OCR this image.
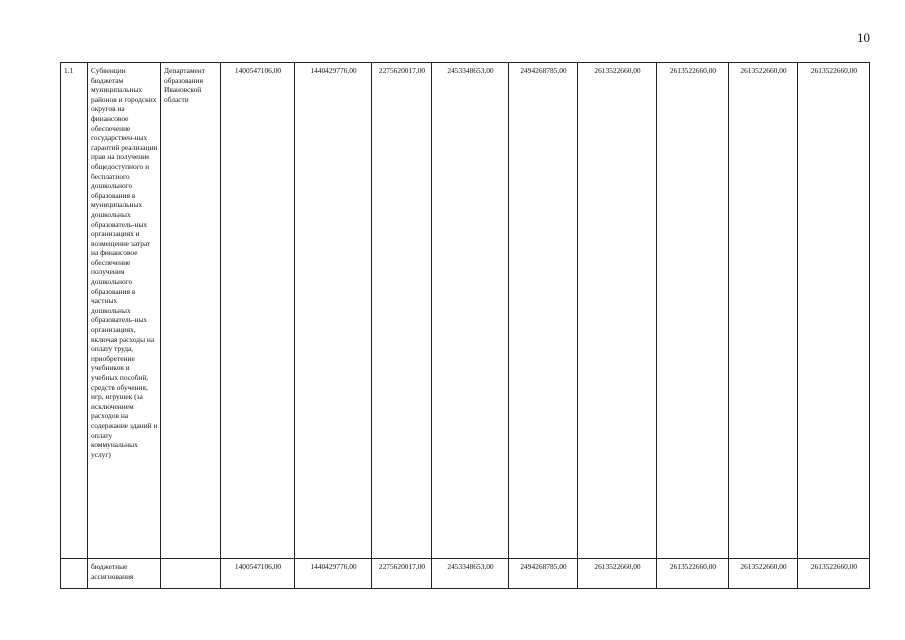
10
1.1	Субвенции бюджетам муниципальных районов и городских округов на финансовое обеспечение государствен-ных гарантий реализации прав на получение общедоступного и бесплатного дошкольного образования в муниципальных дошкольных образователь-ных организациях и возмещение затрат на финансовое обеспечение получения дошкольного образования в частных дошкольных образователь-ных организациях, включая расходы на оплату труда, приобретение учебников и учебных пособий, средств обучения, игр, игрушек (за исключением расходов на содержание зданий и оплату коммунальных услуг)	Департамент образования Ивановской области	1400547106,00	1440429776,00	2275620017,00	2453348653,00	2494268785,00	2613522660,00	2613522660,00	2613522660,00	2613522660,00
	бюджетные ассигнования		1400547106,00	1440429776,00	2275620017,00	2453348653,00	2494268785,00	2613522660,00	2613522660,00	2613522660,00	2613522660,00
